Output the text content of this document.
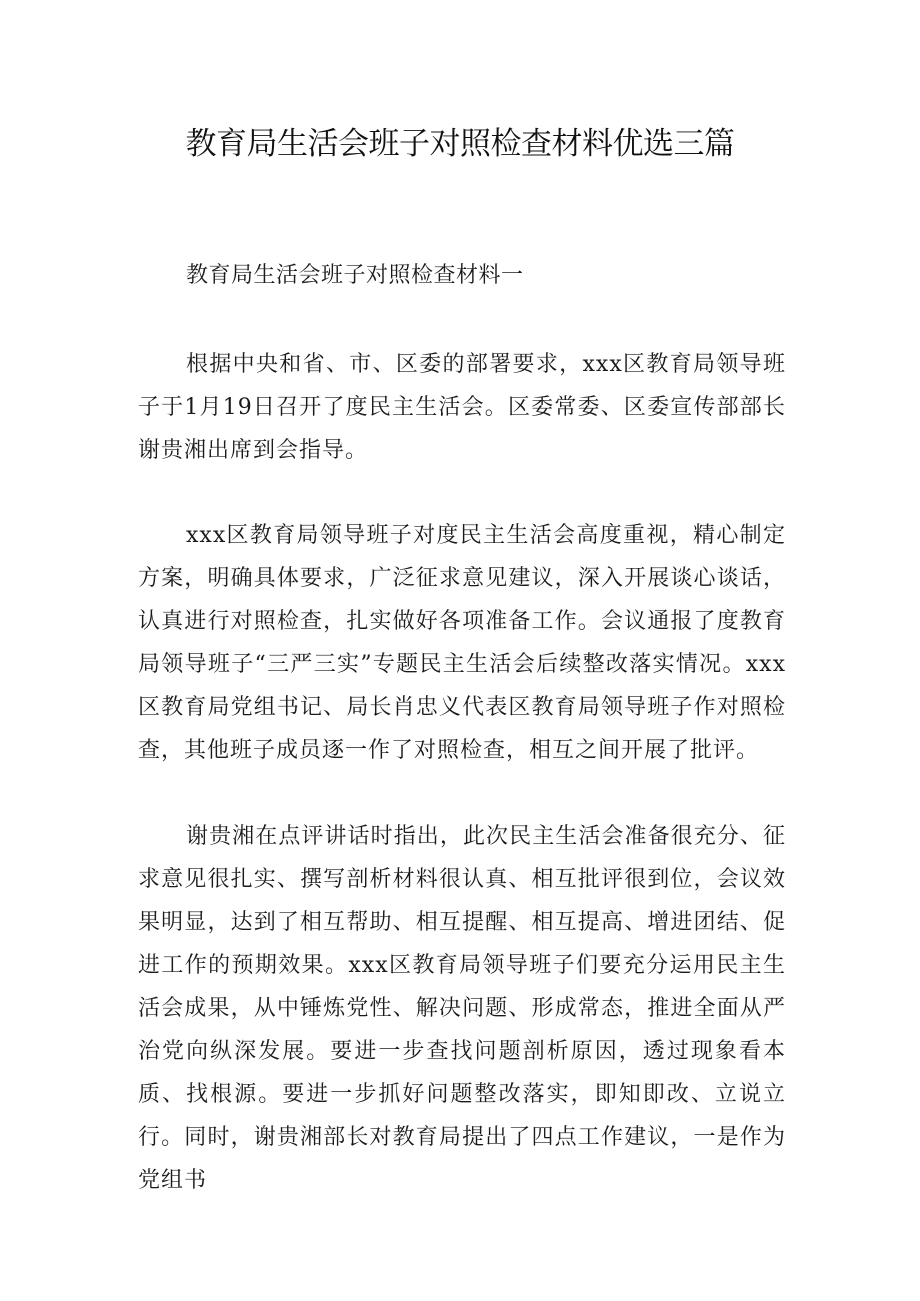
教育局生活会班子对照检查材料优选三篇
教育局生活会班子对照检查材料一

根据中央和省、市、区委的部署要求，xxx区教育局领导班子于1月19日召开了度民主生活会。区委常委、区委宣传部部长谢贵湘出席到会指导。

xxx区教育局领导班子对度民主生活会高度重视，精心制定方案，明确具体要求，广泛征求意见建议，深入开展谈心谈话，认真进行对照检查，扎实做好各项准备工作。会议通报了度教育局领导班子“三严三实”专题民主生活会后续整改落实情况。xxx区教育局党组书记、局长肖忠义代表区教育局领导班子作对照检查，其他班子成员逐一作了对照检查，相互之间开展了批评。

谢贵湘在点评讲话时指出，此次民主生活会准备很充分、征求意见很扎实、撰写剖析材料很认真、相互批评很到位，会议效果明显，达到了相互帮助、相互提醒、相互提高、增进团结、促进工作的预期效果。xxx区教育局领导班子们要充分运用民主生活会成果，从中锤炼党性、解决问题、形成常态，推进全面从严治党向纵深发展。要进一步查找问题剖析原因，透过现象看本质、找根源。要进一步抓好问题整改落实，即知即改、立说立行。同时，谢贵湘部长对教育局提出了四点工作建议，一是作为党组书
